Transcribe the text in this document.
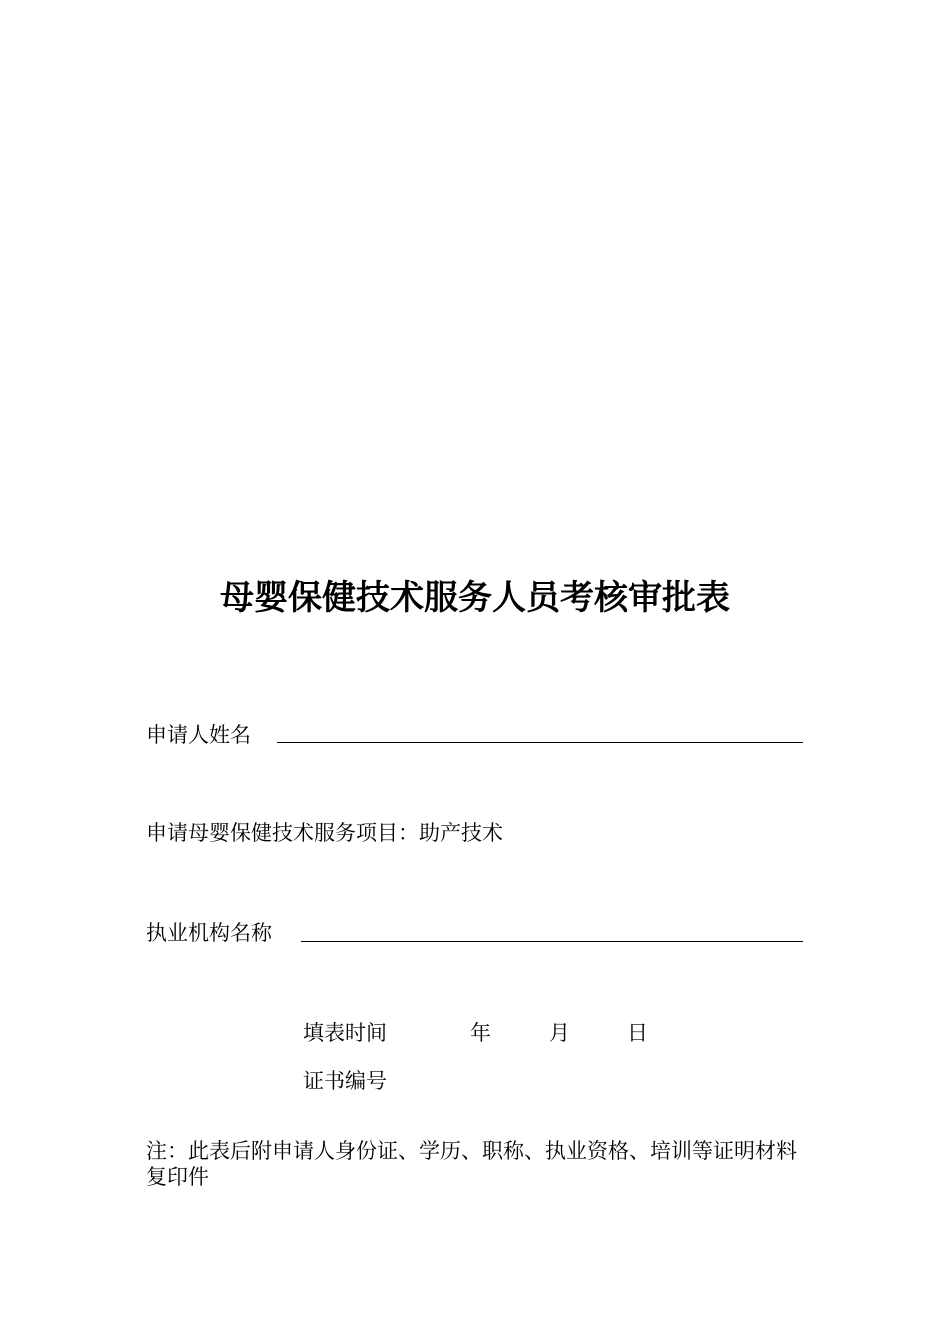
母婴保健技术服务人员考核审批表
申请人姓名
申请母婴保健技术服务项目：助产技术
执业机构名称
填表时间	年	月	日
证书编号
注：此表后附申请人身份证、学历、职称、执业资格、培训等证明材料复印件
